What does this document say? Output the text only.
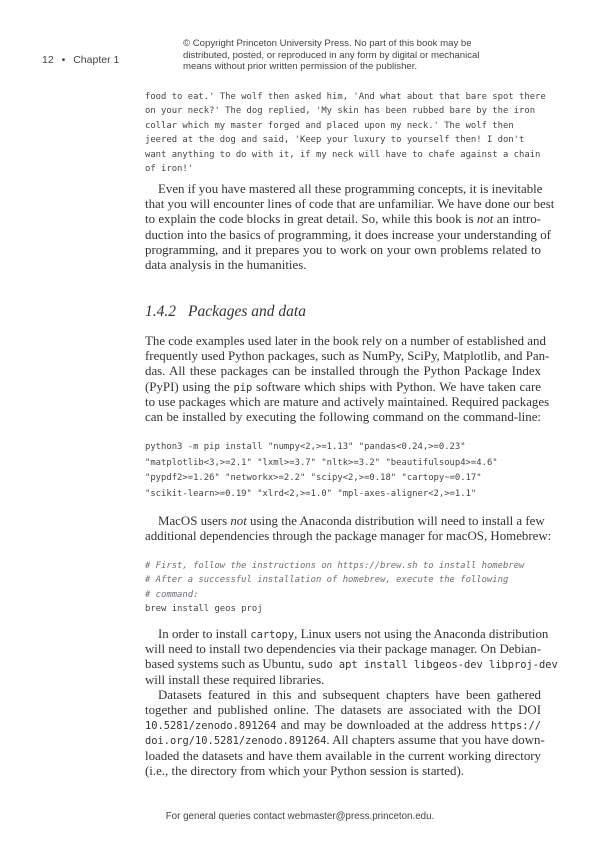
© Copyright Princeton University Press. No part of this book may be
distributed, posted, or reproduced in any form by digital or mechanical
means without prior written permission of the publisher.
12 • Chapter 1
1.4.2 Packages and data
food to eat.' The wolf then asked him, 'And what about that bare spot there
on your neck?' The dog replied, 'My skin has been rubbed bare by the iron
collar which my master forged and placed upon my neck.' The wolf then
jeered at the dog and said, 'Keep your luxury to yourself then! I don't
want anything to do with it, if my neck will have to chafe against a chain
of iron!'
Even if you have mastered all these programming concepts, it is inevitable
that you will encounter lines of code that are unfamiliar. We have done our best
to explain the code blocks in great detail. So, while this book is not an intro-
duction into the basics of programming, it does increase your understanding of
programming, and it prepares you to work on your own problems related to
data analysis in the humanities.
The code examples used later in the book rely on a number of established and
frequently used Python packages, such as NumPy, SciPy, Matplotlib, and Pan-
das. All these packages can be installed through the Python Package Index
(PyPI) using the pip software which ships with Python. We have taken care
to use packages which are mature and actively maintained. Required packages
can be installed by executing the following command on the command-line:
python3 -m pip install "numpy<2,>=1.13" "pandas<0.24,>=0.23"
"matplotlib<3,>=2.1" "lxml>=3.7" "nltk>=3.2" "beautifulsoup4>=4.6"
"pypdf2>=1.26" "networkx>=2.2" "scipy<2,>=0.18" "cartopy~=0.17"
"scikit-learn>=0.19" "xlrd<2,>=1.0" "mpl-axes-aligner<2,>=1.1"
MacOS users not using the Anaconda distribution will need to install a few
additional dependencies through the package manager for macOS, Homebrew:
# First, follow the instructions on https://brew.sh to install homebrew
# After a successful installation of homebrew, execute the following
# command:
brew install geos proj
In order to install cartopy, Linux users not using the Anaconda distribution
will need to install two dependencies via their package manager. On Debian-
based systems such as Ubuntu, sudo apt install libgeos-dev libproj-dev
will install these required libraries.
Datasets featured in this and subsequent chapters have been gathered
together and published online. The datasets are associated with the DOI
10.5281/zenodo.891264 and may be downloaded at the address https://
doi.org/10.5281/zenodo.891264. All chapters assume that you have down-
loaded the datasets and have them available in the current working directory
(i.e., the directory from which your Python session is started).
For general queries contact webmaster@press.princeton.edu.
